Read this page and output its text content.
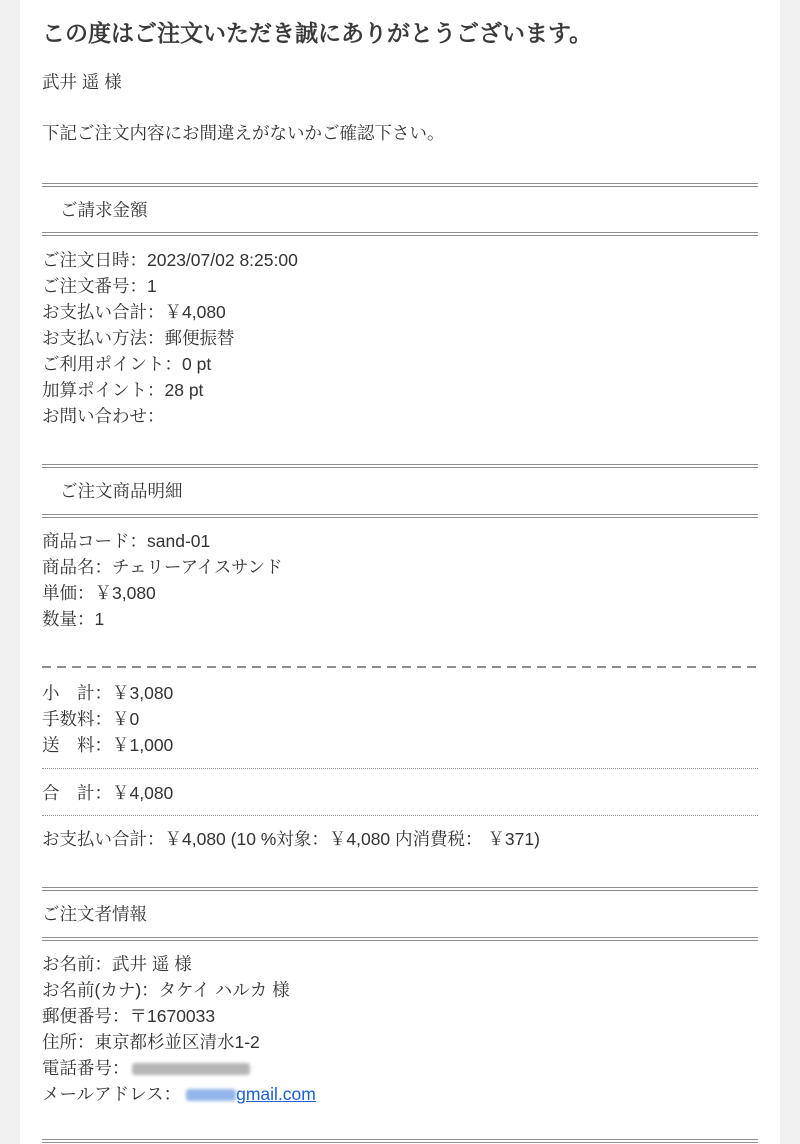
この度はご注文いただき誠にありがとうございます。
武井 遥 様
下記ご注文内容にお間違えがないかご確認下さい。
ご請求金額
ご注文日時：2023/07/02 8:25:00
ご注文番号：1
お支払い合計：￥4,080
お支払い方法：郵便振替
ご利用ポイント：0 pt
加算ポイント：28 pt
お問い合わせ：
ご注文商品明細
商品コード：sand-01
商品名：チェリーアイスサンド
単価：￥3,080
数量：1
小　計：￥3,080
手数料：￥0
送　料：￥1,000
合　計：￥4,080
お支払い合計：￥4,080 (10 %対象：￥4,080 内消費税： ￥371)
ご注文者情報
お名前：武井 遥 様
お名前(カナ)：タケイ ハルカ 様
郵便番号：〒1670033
住所：東京都杉並区清水1-2
電話番号：
メールアドレス：	gmail.com
